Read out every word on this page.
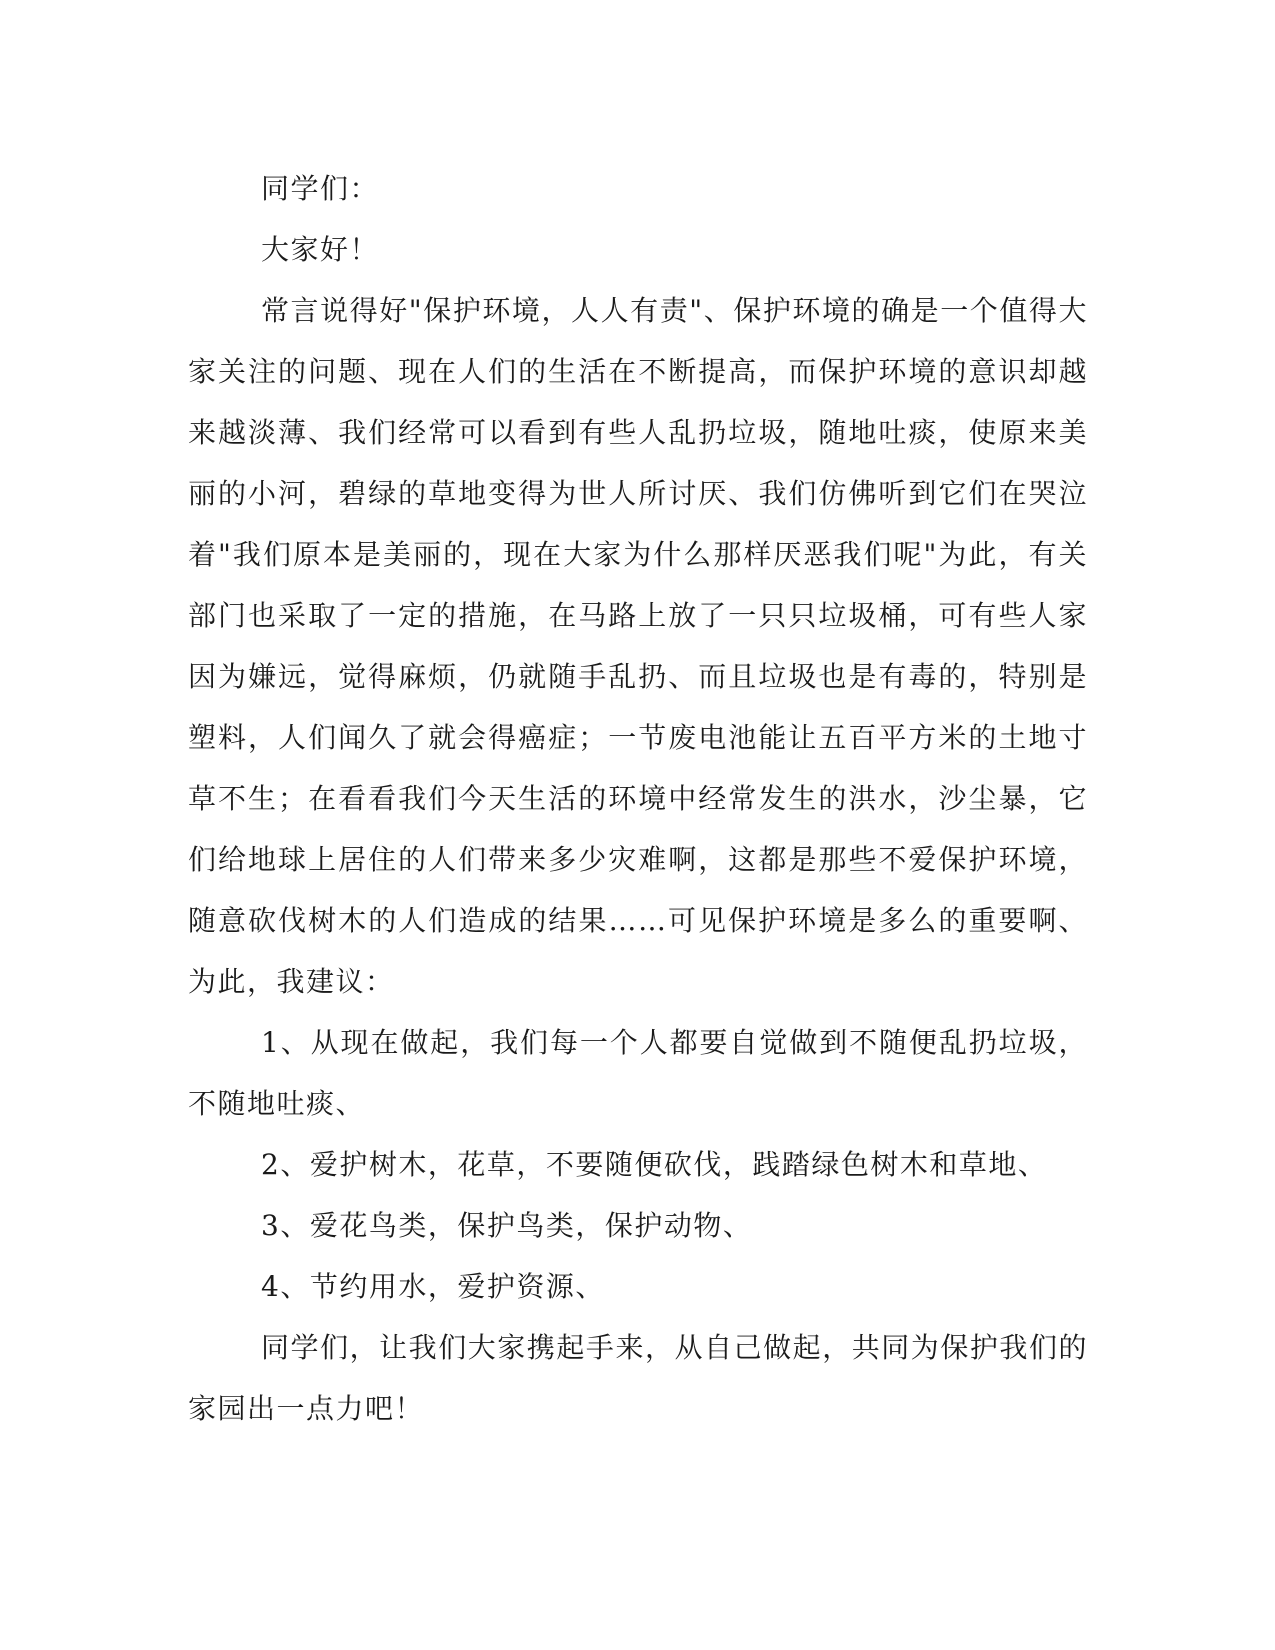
同学们：

大家好！

常言说得好"保护环境，人人有责"、保护环境的确是一个值得大家关注的问题、现在人们的生活在不断提高，而保护环境的意识却越来越淡薄、我们经常可以看到有些人乱扔垃圾，随地吐痰，使原来美丽的小河，碧绿的草地变得为世人所讨厌、我们仿佛听到它们在哭泣着"我们原本是美丽的，现在大家为什么那样厌恶我们呢"为此，有关部门也采取了一定的措施，在马路上放了一只只垃圾桶，可有些人家因为嫌远，觉得麻烦，仍就随手乱扔、而且垃圾也是有毒的，特别是塑料，人们闻久了就会得癌症；一节废电池能让五百平方米的土地寸草不生；在看看我们今天生活的环境中经常发生的洪水，沙尘暴，它们给地球上居住的人们带来多少灾难啊，这都是那些不爱保护环境，随意砍伐树木的人们造成的结果……可见保护环境是多么的重要啊、为此，我建议：

1、从现在做起，我们每一个人都要自觉做到不随便乱扔垃圾，不随地吐痰、

2、爱护树木，花草，不要随便砍伐，践踏绿色树木和草地、

3、爱花鸟类，保护鸟类，保护动物、

4、节约用水，爱护资源、

同学们，让我们大家携起手来，从自己做起，共同为保护我们的家园出一点力吧！
